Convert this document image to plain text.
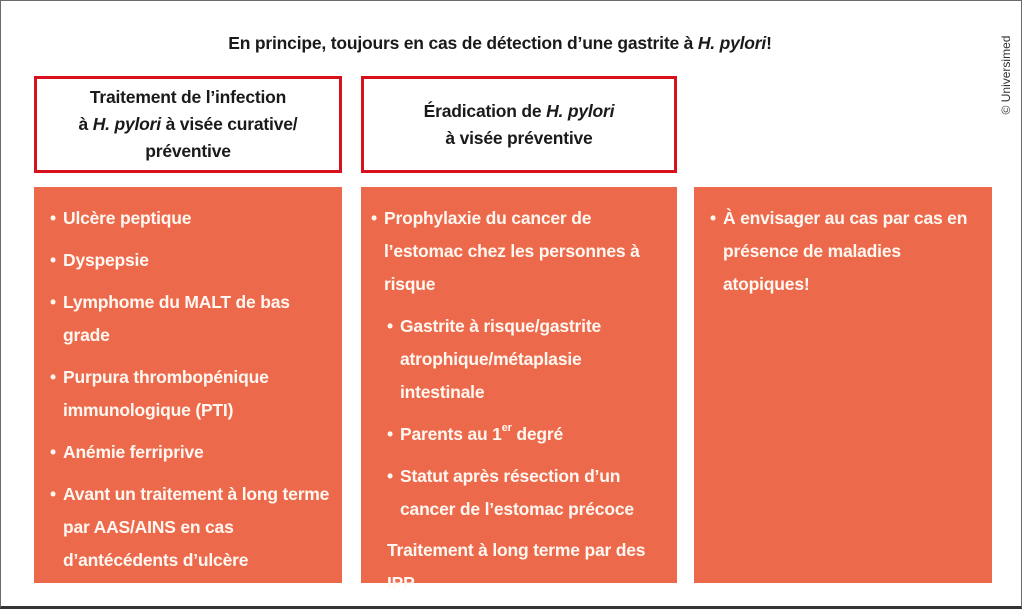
En principe, toujours en cas de détection d’une gastrite à H. pylori!	© Universimed
Traitement de l’infection
à H. pylori à visée curative/
préventive
Éradication de H. pylori
à visée préventive
• Ulcère peptique
• Dyspepsie
• Lymphome du MALT de bas grade
• Purpura thrombopénique immunologique (PTI)
• Anémie ferriprive
• Avant un traitement à long terme par AAS/AINS en cas d’antécédents d’ulcère
• Prophylaxie du cancer de l’estomac chez les personnes à risque
• Gastrite à risque/gastrite atrophique/métaplasie intestinale
• Parents au 1er degré
• Statut après résection d’un cancer de l’estomac précoce
Traitement à long terme par des IPP
• À envisager au cas par cas en présence de maladies atopiques!
